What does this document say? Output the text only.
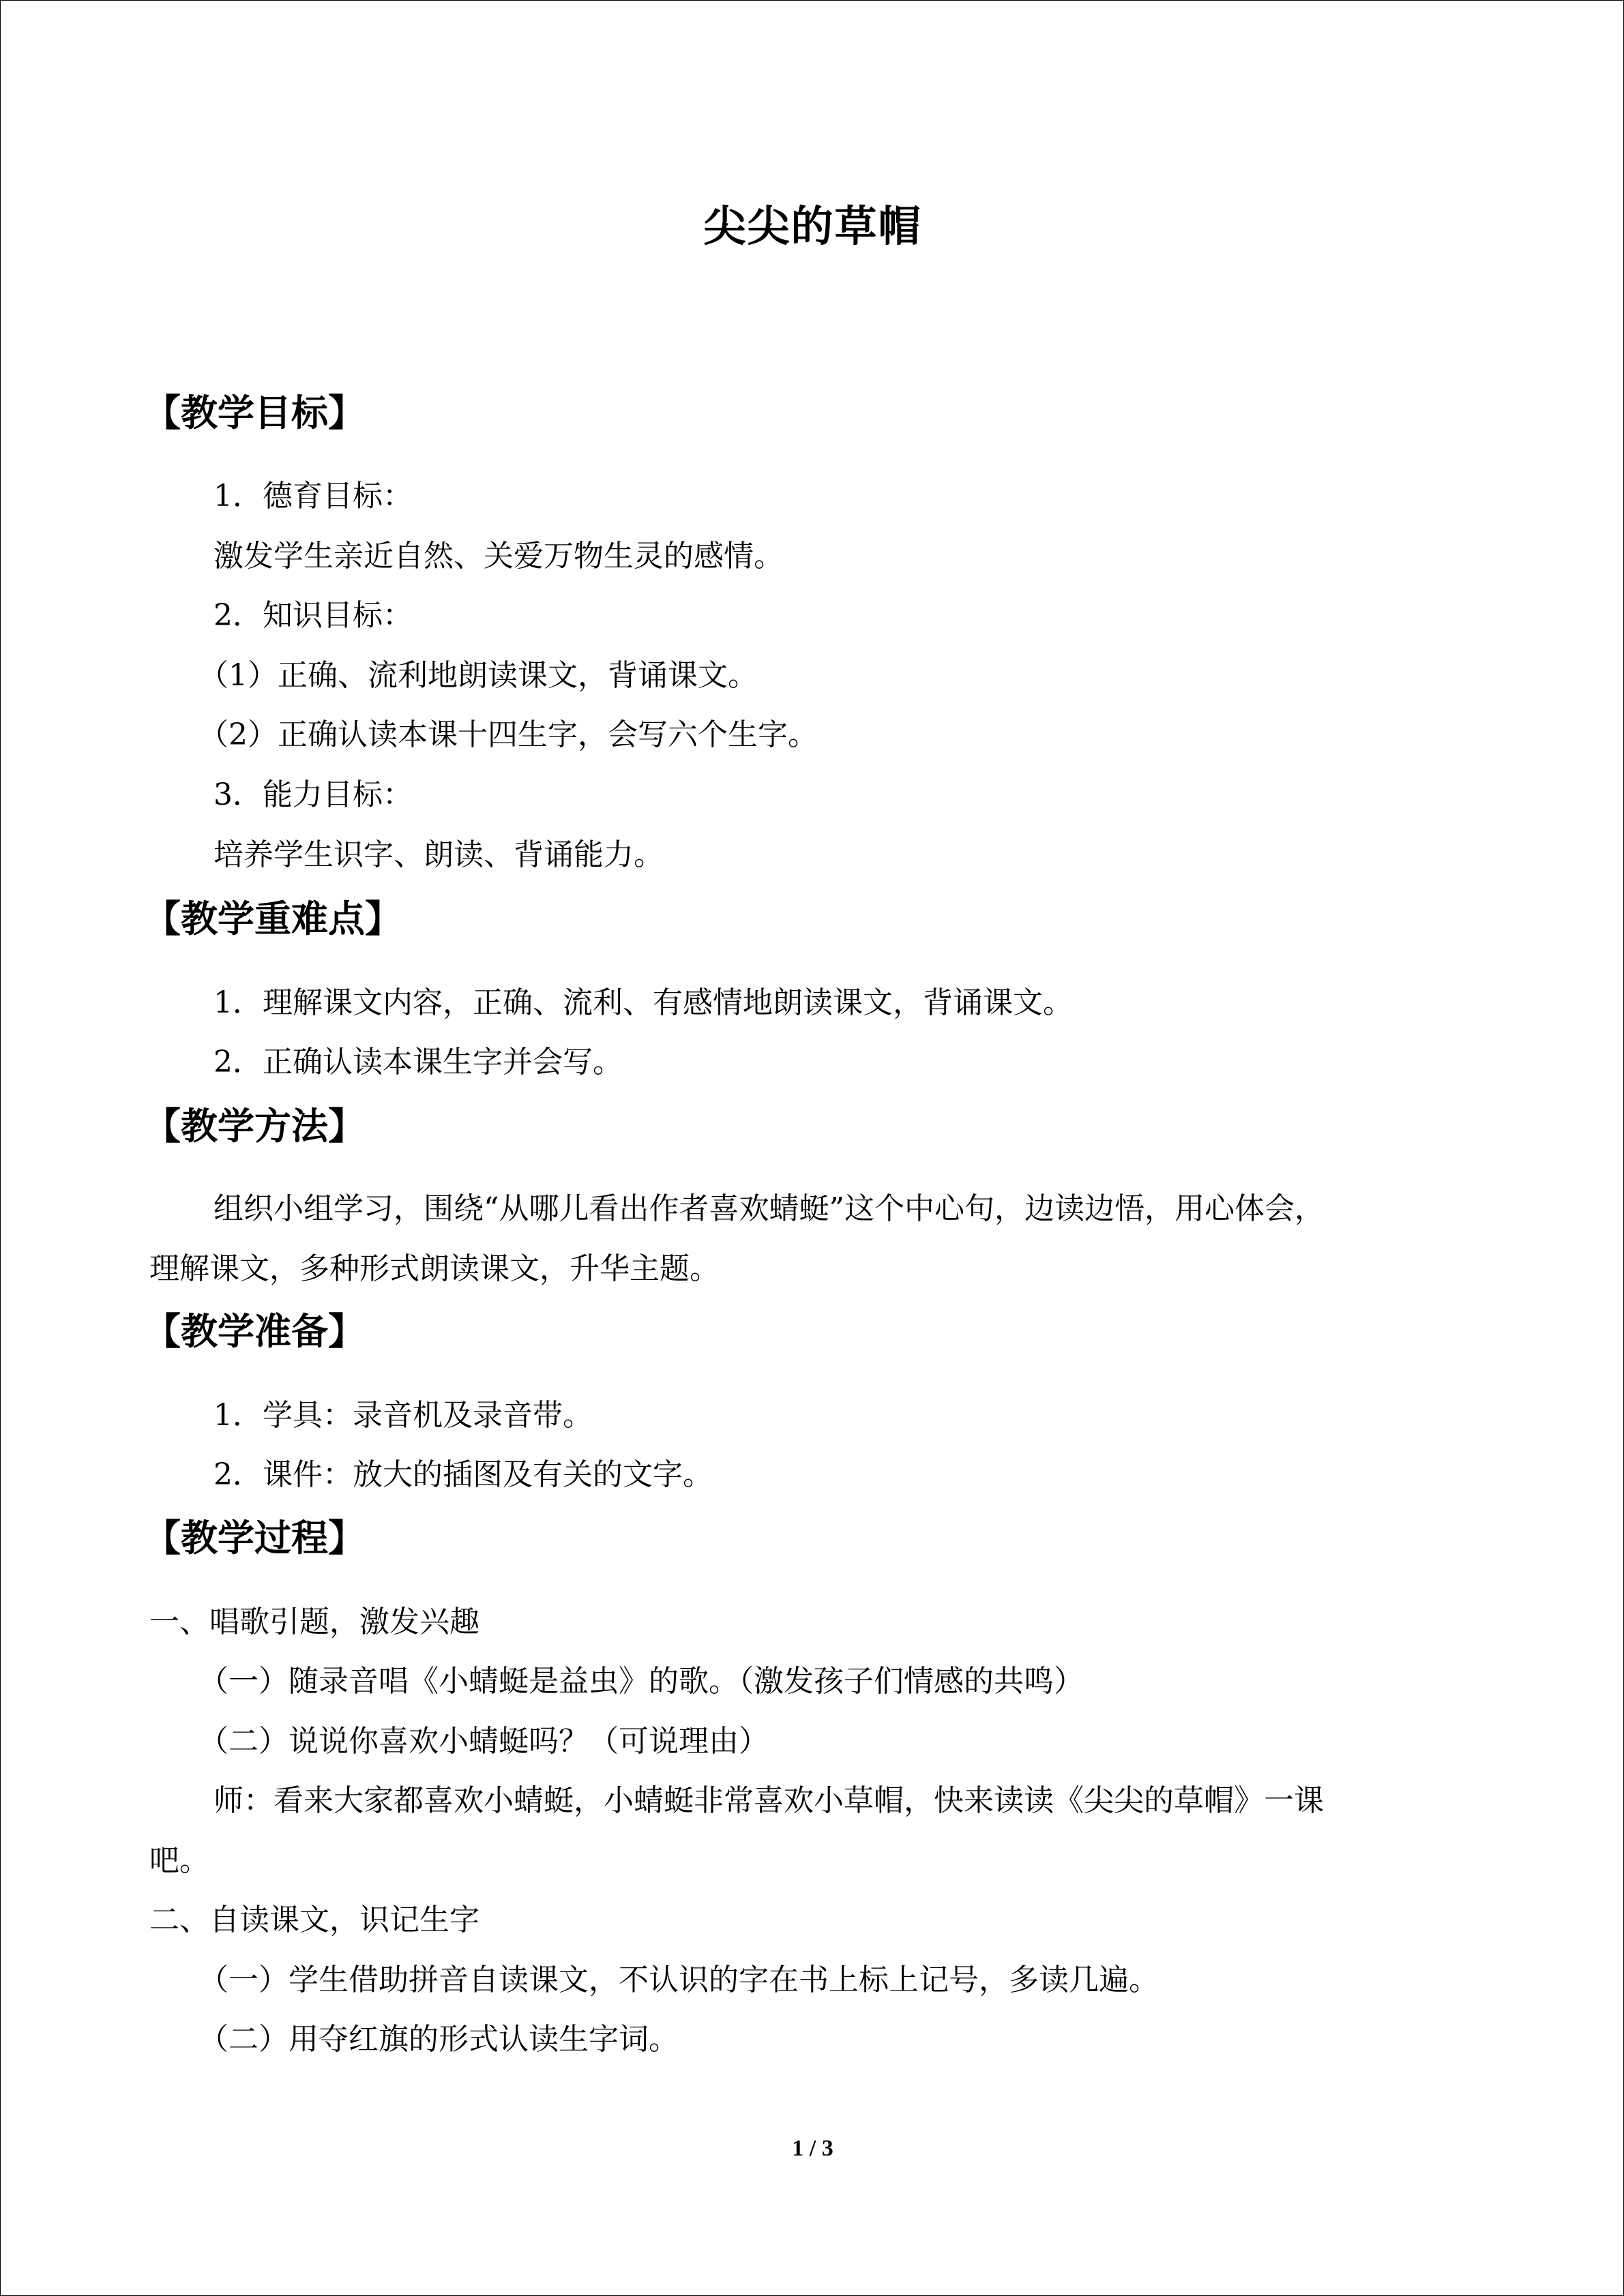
尖尖的草帽
【教学目标】
1．德育目标：
激发学生亲近自然、关爱万物生灵的感情。
2．知识目标：
（1）正确、流利地朗读课文，背诵课文。
（2）正确认读本课十四生字，会写六个生字。
3．能力目标：
培养学生识字、朗读、背诵能力。
【教学重难点】
1．理解课文内容，正确、流利、有感情地朗读课文，背诵课文。
2．正确认读本课生字并会写。
【教学方法】
组织小组学习，围绕“从哪儿看出作者喜欢蜻蜓”这个中心句，边读边悟，用心体会，
理解课文，多种形式朗读课文，升华主题。
【教学准备】
1．学具：录音机及录音带。
2．课件：放大的插图及有关的文字。
【教学过程】
一、唱歌引题，激发兴趣
（一）随录音唱《小蜻蜓是益虫》的歌。（激发孩子们情感的共鸣）
（二）说说你喜欢小蜻蜓吗？（可说理由）
师：看来大家都喜欢小蜻蜓，小蜻蜓非常喜欢小草帽，快来读读《尖尖的草帽》一课
吧。
二、自读课文，识记生字
（一）学生借助拼音自读课文，不认识的字在书上标上记号，多读几遍。
（二）用夺红旗的形式认读生字词。
1 / 3
